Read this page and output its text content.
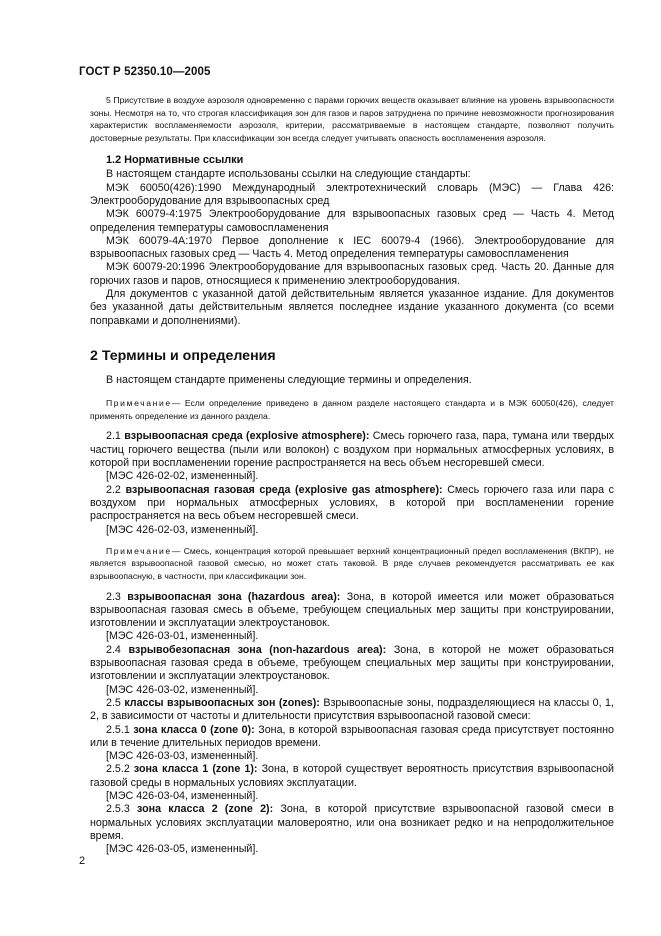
ГОСТ Р 52350.10—2005

5 Присутствие в воздухе аэрозоля одновременно с парами горючих веществ оказывает влияние на уровень взрывоопасности зоны. Несмотря на то, что строгая классификация зон для газов и паров затруднена по причине невозможности прогнозирования характеристик воспламеняемости аэрозоля, критерии, рассматриваемые в настоящем стандарте, позволяют получить достоверные результаты. При классификации зон всегда следует учитывать опасность воспламенения аэрозоля.

1.2 Нормативные ссылки

В настоящем стандарте использованы ссылки на следующие стандарты:

МЭК 60050(426):1990 Международный электротехнический словарь (МЭС) — Глава 426: Электрооборудование для взрывоопасных сред

МЭК 60079-4:1975 Электрооборудование для взрывоопасных газовых сред — Часть 4. Метод определения температуры самовоспламенения

МЭК 60079-4А:1970 Первое дополнение к IEC 60079-4 (1966). Электрооборудование для взрывоопасных газовых сред — Часть 4. Метод определения температуры самовоспламенения

МЭК 60079-20:1996 Электрооборудование для взрывоопасных газовых сред. Часть 20. Данные для горючих газов и паров, относящиеся к применению электрооборудования.

Для документов с указанной датой действительным является указанное издание. Для документов без указанной даты действительным является последнее издание указанного документа (со всеми поправками и дополнениями).

2 Термины и определения

В настоящем стандарте применены следующие термины и определения.

Примечание— Если определение приведено в данном разделе настоящего стандарта и в МЭК 60050(426), следует применять определение из данного раздела.

2.1 взрывоопасная среда (explosive atmosphere): Смесь горючего газа, пара, тумана или твердых частиц горючего вещества (пыли или волокон) с воздухом при нормальных атмосферных условиях, в которой при воспламенении горение распространяется на весь объем несгоревшей смеси.

[МЭС 426-02-02, измененный].

2.2 взрывоопасная газовая среда (explosive gas atmosphere): Смесь горючего газа или пара с воздухом при нормальных атмосферных условиях, в которой при воспламенении горение распространяется на весь объем несгоревшей смеси.

[МЭС 426-02-03, измененный].

Примечание— Смесь, концентрация которой превышает верхний концентрационный предел воспламенения (ВКПР), не является взрывоопасной газовой смесью, но может стать таковой. В ряде случаев рекомендуется рассматривать ее как взрывоопасную, в частности, при классификации зон.

2.3 взрывоопасная зона (hazardous area): Зона, в которой имеется или может образоваться взрывоопасная газовая смесь в объеме, требующем специальных мер защиты при конструировании, изготовлении и эксплуатации электроустановок.

[МЭС 426-03-01, измененный].

2.4 взрывобезопасная зона (non-hazardous area): Зона, в которой не может образоваться взрывоопасная газовая среда в объеме, требующем специальных мер защиты при конструировании, изготовлении и эксплуатации электроустановок.

[МЭС 426-03-02, измененный].

2.5 классы взрывоопасных зон (zones): Взрывоопасные зоны, подразделяющиеся на классы 0, 1, 2, в зависимости от частоты и длительности присутствия взрывоопасной газовой смеси:

2.5.1 зона класса 0 (zone 0): Зона, в которой взрывоопасная газовая среда присутствует постоянно или в течение длительных периодов времени.

[МЭС 426-03-03, измененный].

2.5.2 зона класса 1 (zone 1): Зона, в которой существует вероятность присутствия взрывоопасной газовой среды в нормальных условиях эксплуатации.

[МЭС 426-03-04, измененный].

2.5.3 зона класса 2 (zone 2): Зона, в которой присутствие взрывоопасной газовой смеси в нормальных условиях эксплуатации маловероятно, или она возникает редко и на непродолжительное время.

[МЭС 426-03-05, измененный].

2
